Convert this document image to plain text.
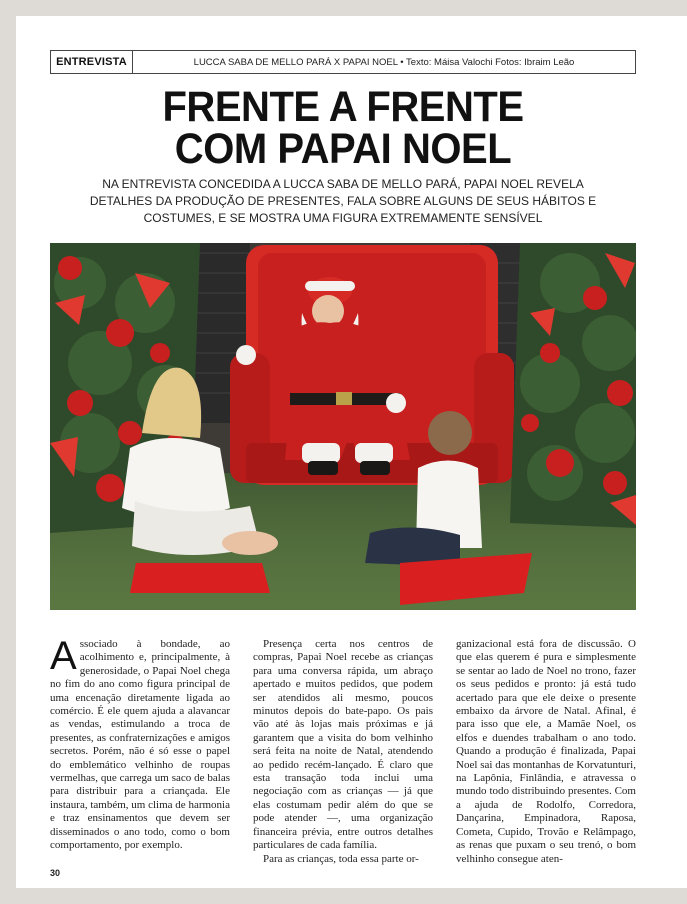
ENTREVISTA	LUCCA SABA DE MELLO PARÁ X PAPAI NOEL • Texto: Máisa Valochi Fotos: Ibraim Leão
FRENTE A FRENTE
COM PAPAI NOEL
NA ENTREVISTA CONCEDIDA A LUCCA SABA DE MELLO PARÁ, PAPAI NOEL REVELA
DETALHES DA PRODUÇÃO DE PRESENTES, FALA SOBRE ALGUNS DE SEUS HÁBITOS E
COSTUMES, E SE MOSTRA UMA FIGURA EXTREMAMENTE SENSÍVEL
Associado à bondade, ao acolhimento e, principalmente, à generosidade, o Papai Noel chega no fim do ano como figura principal de uma encenação diretamente ligada ao comércio. É ele quem ajuda a alavancar as vendas, estimulando a troca de presentes, as confraternizações e amigos secretos. Porém, não é só esse o papel do emblemático velhinho de roupas vermelhas, que carrega um saco de balas para distribuir para a criançada. Ele instaura, também, um clima de harmonia e traz ensinamentos que devem ser disseminados o ano todo, como o bom comportamento, por exemplo.

Presença certa nos centros de compras, Papai Noel recebe as crianças para uma conversa rápida, um abraço apertado e muitos pedidos, que podem ser atendidos ali mesmo, poucos minutos depois do bate-papo. Os pais vão até às lojas mais próximas e já garantem que a visita do bom velhinho será feita na noite de Natal, atendendo ao pedido recém-lançado. É claro que esta transação toda inclui uma negociação com as crianças — já que elas costumam pedir além do que se pode atender —, uma organização financeira prévia, entre outros detalhes particulares de cada família.

Para as crianças, toda essa parte or-

ganizacional está fora de discussão. O que elas querem é pura e simplesmente se sentar ao lado de Noel no trono, fazer os seus pedidos e pronto: já está tudo acertado para que ele deixe o presente embaixo da árvore de Natal. Afinal, é para isso que ele, a Mamãe Noel, os elfos e duendes trabalham o ano todo. Quando a produção é finalizada, Papai Noel sai das montanhas de Korvatunturi, na Lapônia, Finlândia, e atravessa o mundo todo distribuindo presentes. Com a ajuda de Rodolfo, Corredora, Dançarina, Empinadora, Raposa, Cometa, Cupido, Trovão e Relâmpago, as renas que puxam o seu trenó, o bom velhinho consegue aten-

30
